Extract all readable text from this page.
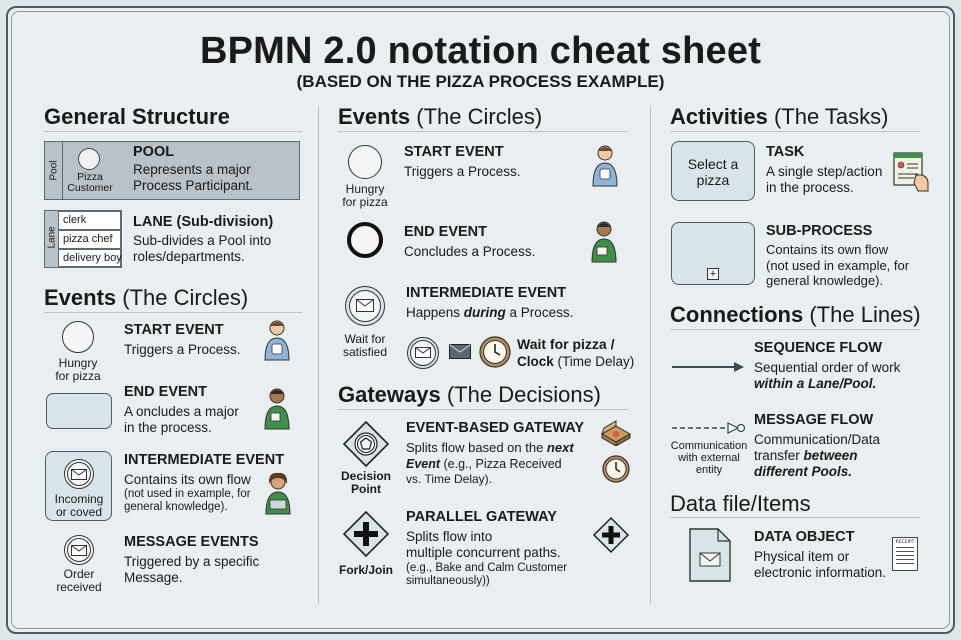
BPMN 2.0 notation cheat sheet
(BASED ON THE PIZZA PROCESS EXAMPLE)
General Structure
Pool	Pizza
Customer
POOL
Represents a major
Process Participant.
Lane
clerk
pizza chef
delivery boy
LANE (Sub-division)
Sub-divides a Pool into
roles/departments.
Events (The Circles)
Hungry
for pizza
START EVENT
Triggers a Process.
END EVENT
A oncludes a major
in the process.
Incoming
or coved
INTERMEDIATE EVENT
Contains its own flow
(not used in example, for
general knowledge).
Order
received
MESSAGE EVENTS
Triggered by a specific
Message.
Events (The Circles)
Hungry
for pizza
START EVENT
Triggers a Process.
END EVENT
Concludes a Process.
Wait for
satisfied
INTERMEDIATE EVENT
Happens during a Process.
Wait for pizza /
Clock (Time Delay)
Gateways (The Decisions)
Decision
Point
EVENT-BASED GATEWAY
Splits flow based on the next
Event (e.g., Pizza Received
vs. Time Delay).
Fork/Join
PARALLEL GATEWAY
Splits flow into
multiple concurrent paths.
(e.g., Bake and Calm Customer
simultaneously))
Activities (The Tasks)
Select a
pizza
TASK
A single step/action
in the process.
+
SUB-PROCESS
Contains its own flow
(not used in example, for
general knowledge).
Connections (The Lines)
SEQUENCE FLOW
Sequential order of work
within a Lane/Pool.
Communication
with external
entity
MESSAGE FLOW
Communication/Data
transfer between
different Pools.
Data file/Items
DATA OBJECT
Physical item or
electronic information.
RECEIPT
